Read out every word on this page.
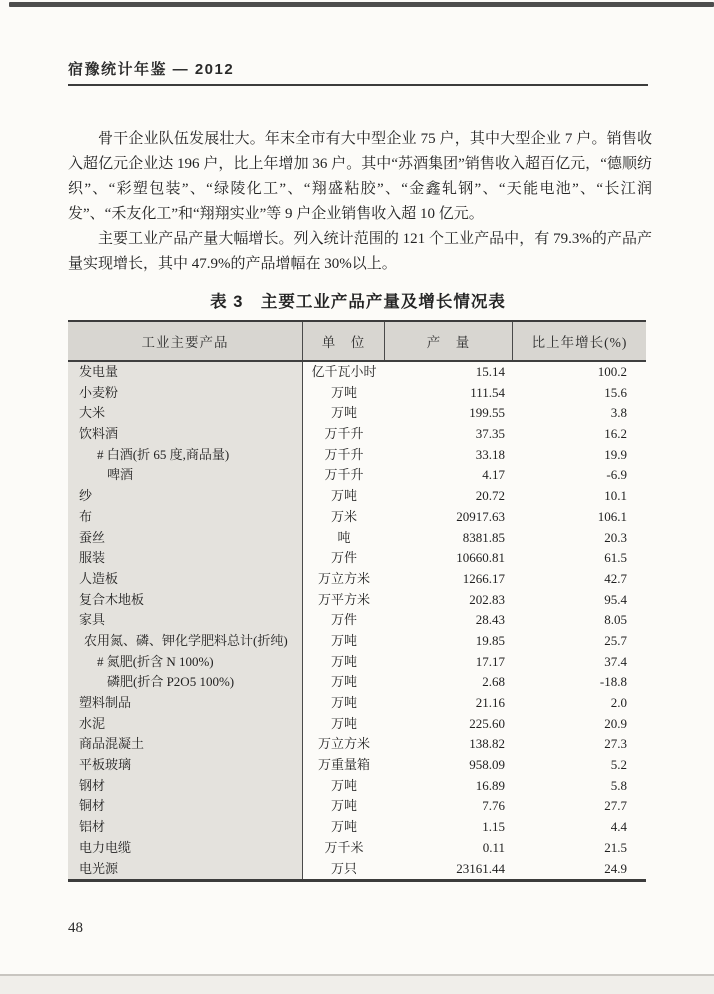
宿豫统计年鉴 — 2012

骨干企业队伍发展壮大。年末全市有大中型企业 75 户，其中大型企业 7 户。销售收入超亿元企业达 196 户，比上年增加 36 户。其中“苏酒集团”销售收入超百亿元，“德顺纺织”、“彩塑包装”、“绿陵化工”、“翔盛粘胶”、“金鑫轧钢”、“天能电池”、“长江润发”、“禾友化工”和“翔翔实业”等 9 户企业销售收入超 10 亿元。

主要工业产品产量大幅增长。列入统计范围的 121 个工业产品中，有 79.3%的产品产量实现增长，其中 47.9%的产品增幅在 30%以上。

表 3　主要工业产品产量及增长情况表
工业主要产品	单　位	产　量	比上年增长(%)
发电量	亿千瓦小时	15.14	100.2
小麦粉	万吨	111.54	15.6
大米	万吨	199.55	3.8
饮料酒	万千升	37.35	16.2
# 白酒(折 65 度,商品量)	万千升	33.18	19.9
啤酒	万千升	4.17	-6.9
纱	万吨	20.72	10.1
布	万米	20917.63	106.1
蚕丝	吨	8381.85	20.3
服装	万件	10660.81	61.5
人造板	万立方米	1266.17	42.7
复合木地板	万平方米	202.83	95.4
家具	万件	28.43	8.05
农用氮、磷、钾化学肥料总计(折纯)	万吨	19.85	25.7
# 氮肥(折含 N 100%)	万吨	17.17	37.4
磷肥(折合 P2O5 100%)	万吨	2.68	-18.8
塑料制品	万吨	21.16	2.0
水泥	万吨	225.60	20.9
商品混凝土	万立方米	138.82	27.3
平板玻璃	万重量箱	958.09	5.2
钢材	万吨	16.89	5.8
铜材	万吨	7.76	27.7
铝材	万吨	1.15	4.4
电力电缆	万千米	0.11	21.5
电光源	万只	23161.44	24.9
48
